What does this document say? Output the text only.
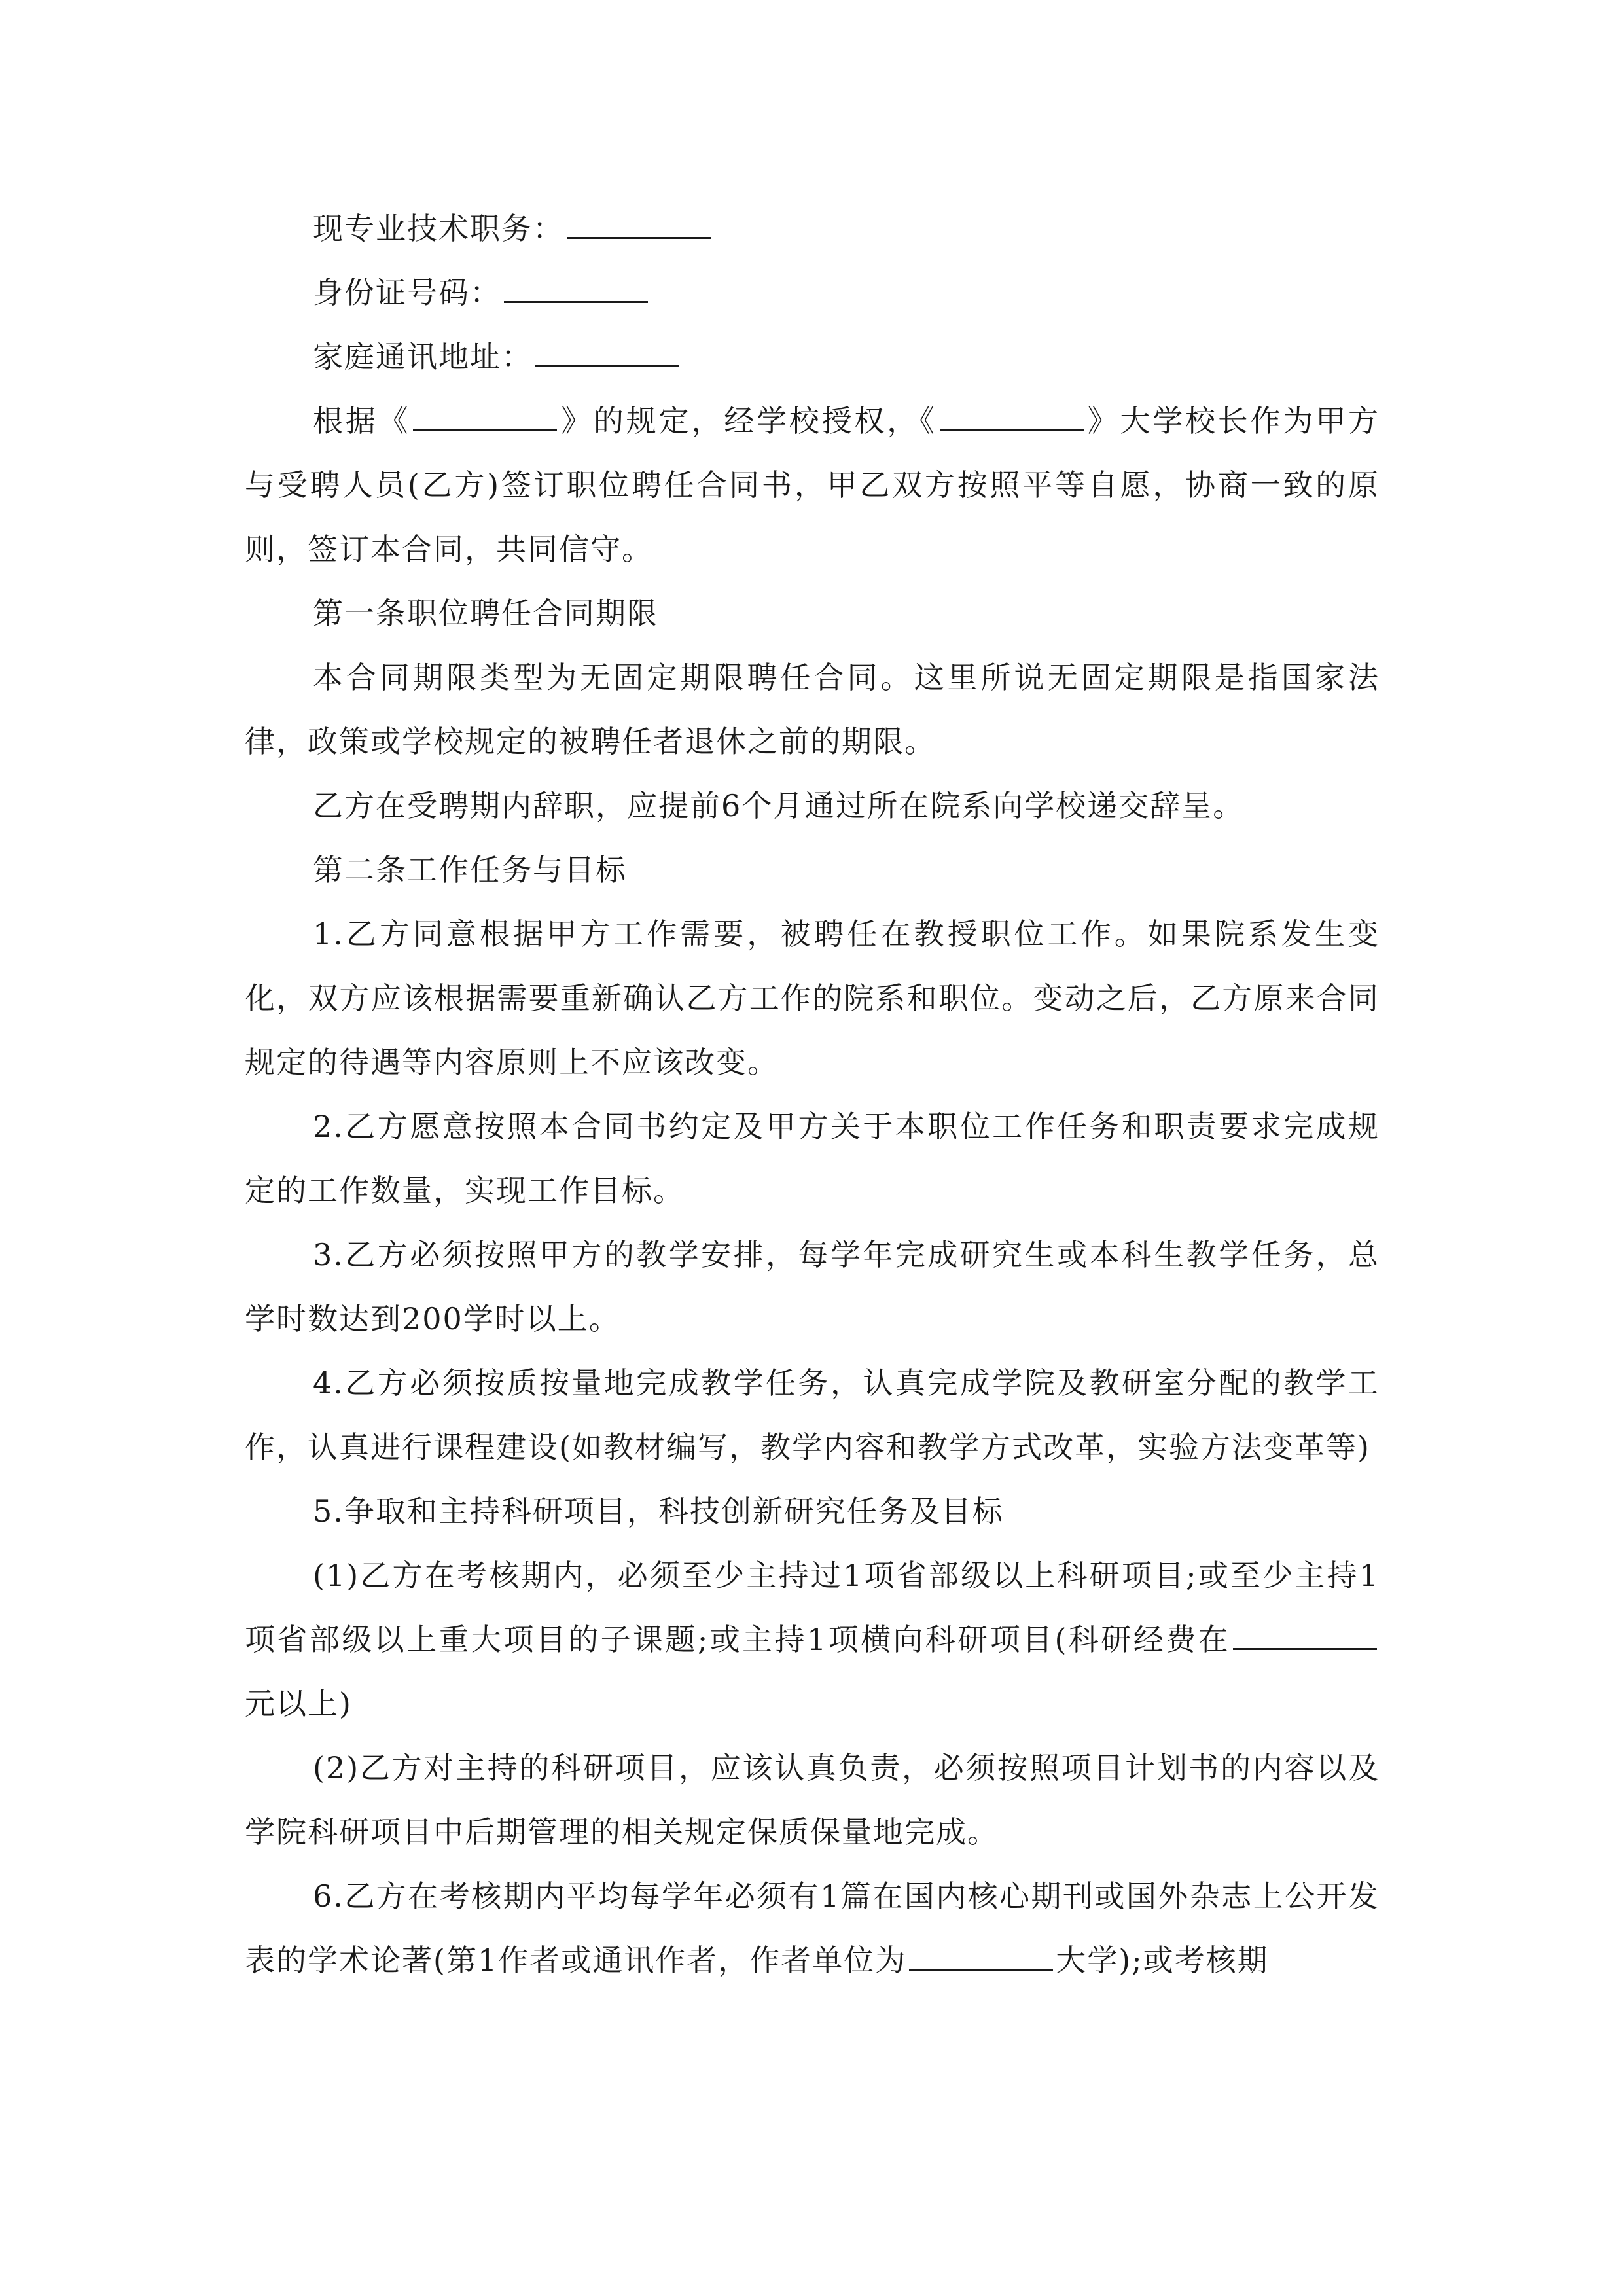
现专业技术职务：

身份证号码：

家庭通讯地址：

根据《	》的规定，经学校授权，《	》大学校长作为甲方与受聘人员(乙方)签订职位聘任合同书，甲乙双方按照平等自愿，协商一致的原则，签订本合同，共同信守。

第一条职位聘任合同期限

本合同期限类型为无固定期限聘任合同。这里所说无固定期限是指国家法律，政策或学校规定的被聘任者退休之前的期限。

乙方在受聘期内辞职，应提前6个月通过所在院系向学校递交辞呈。

第二条工作任务与目标

1.乙方同意根据甲方工作需要，被聘任在教授职位工作。如果院系发生变化，双方应该根据需要重新确认乙方工作的院系和职位。变动之后，乙方原来合同规定的待遇等内容原则上不应该改变。

2.乙方愿意按照本合同书约定及甲方关于本职位工作任务和职责要求完成规定的工作数量，实现工作目标。

3.乙方必须按照甲方的教学安排，每学年完成研究生或本科生教学任务，总学时数达到200学时以上。

4.乙方必须按质按量地完成教学任务，认真完成学院及教研室分配的教学工作，认真进行课程建设(如教材编写，教学内容和教学方式改革，实验方法变革等)

5.争取和主持科研项目，科技创新研究任务及目标

(1)乙方在考核期内，必须至少主持过1项省部级以上科研项目;或至少主持1项省部级以上重大项目的子课题;或主持1项横向科研项目(科研经费在元以上)

(2)乙方对主持的科研项目，应该认真负责，必须按照项目计划书的内容以及学院科研项目中后期管理的相关规定保质保量地完成。

6.乙方在考核期内平均每学年必须有1篇在国内核心期刊或国外杂志上公开发表的学术论著(第1作者或通讯作者，作者单位为	大学);或考核期
